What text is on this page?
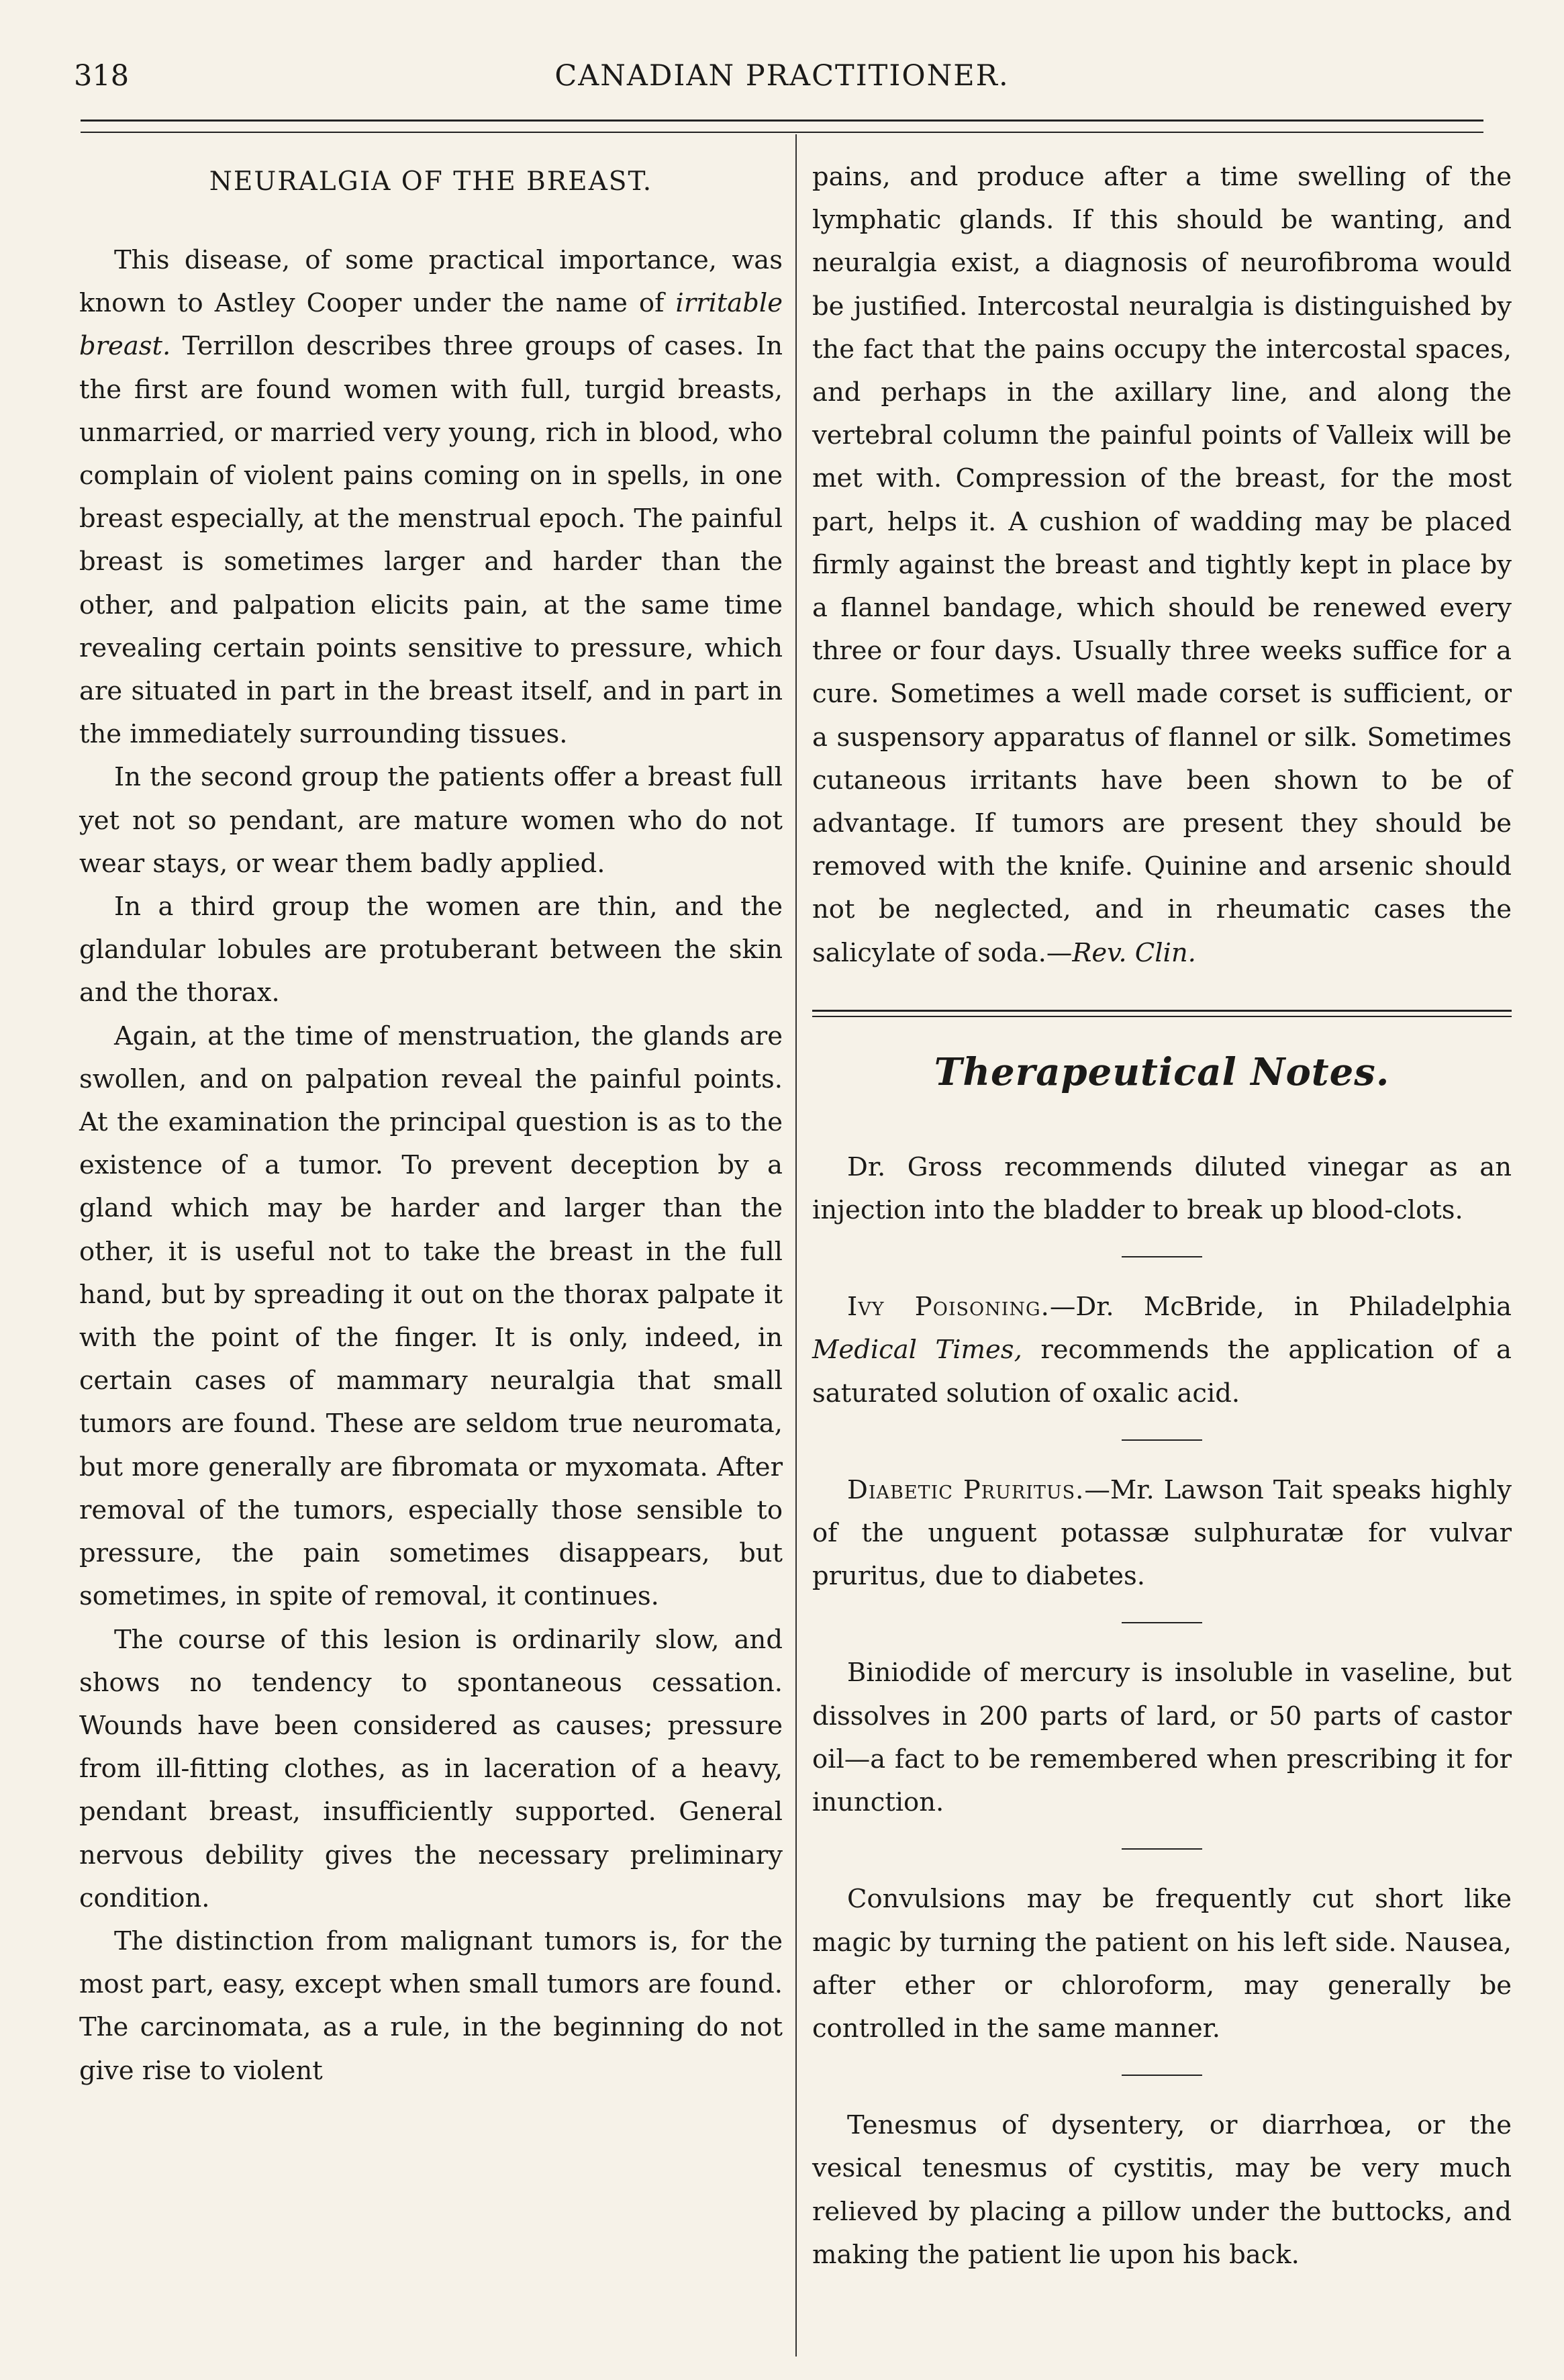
318	CANADIAN PRACTITIONER.
NEURALGIA OF THE BREAST.

This disease, of some practical importance, was known to Astley Cooper under the name of irritable breast. Terrillon describes three groups of cases. In the first are found women with full, turgid breasts, unmarried, or married very young, rich in blood, who complain of violent pains coming on in spells, in one breast especially, at the menstrual epoch. The painful breast is sometimes larger and harder than the other, and palpation elicits pain, at the same time revealing certain points sensitive to pressure, which are situated in part in the breast itself, and in part in the immediately surrounding tissues.

In the second group the patients offer a breast full yet not so pendant, are mature women who do not wear stays, or wear them badly applied.

In a third group the women are thin, and the glandular lobules are protuberant between the skin and the thorax.

Again, at the time of menstruation, the glands are swollen, and on palpation reveal the painful points. At the examination the principal question is as to the existence of a tumor. To prevent deception by a gland which may be harder and larger than the other, it is useful not to take the breast in the full hand, but by spreading it out on the thorax palpate it with the point of the finger. It is only, indeed, in certain cases of mammary neuralgia that small tumors are found. These are seldom true neuromata, but more generally are fibromata or myxomata. After removal of the tumors, especially those sensible to pressure, the pain sometimes disappears, but sometimes, in spite of removal, it continues.

The course of this lesion is ordinarily slow, and shows no tendency to spontaneous cessation. Wounds have been considered as causes; pressure from ill-fitting clothes, as in laceration of a heavy, pendant breast, insufficiently supported. General nervous debility gives the necessary preliminary condition.

The distinction from malignant tumors is, for the most part, easy, except when small tumors are found. The carcinomata, as a rule, in the beginning do not give rise to violent

pains, and produce after a time swelling of the lymphatic glands. If this should be wanting, and neuralgia exist, a diagnosis of neurofibroma would be justified. Intercostal neuralgia is distinguished by the fact that the pains occupy the intercostal spaces, and perhaps in the axillary line, and along the vertebral column the painful points of Valleix will be met with. Compression of the breast, for the most part, helps it. A cushion of wadding may be placed firmly against the breast and tightly kept in place by a flannel bandage, which should be renewed every three or four days. Usually three weeks suffice for a cure. Sometimes a well made corset is sufficient, or a suspensory apparatus of flannel or silk. Sometimes cutaneous irritants have been shown to be of advantage. If tumors are present they should be removed with the knife. Quinine and arsenic should not be neglected, and in rheumatic cases the salicylate of soda.—Rev. Clin.

Therapeutical Notes.

Dr. Gross recommends diluted vinegar as an injection into the bladder to break up blood-clots.

Ivy Poisoning.—Dr. McBride, in Philadelphia Medical Times, recommends the application of a saturated solution of oxalic acid.

Diabetic Pruritus.—Mr. Lawson Tait speaks highly of the unguent potassæ sulphuratæ for vulvar pruritus, due to diabetes.

Biniodide of mercury is insoluble in vaseline, but dissolves in 200 parts of lard, or 50 parts of castor oil—a fact to be remembered when prescribing it for inunction.

Convulsions may be frequently cut short like magic by turning the patient on his left side. Nausea, after ether or chloroform, may generally be controlled in the same manner.

Tenesmus of dysentery, or diarrhœa, or the vesical tenesmus of cystitis, may be very much relieved by placing a pillow under the buttocks, and making the patient lie upon his back.
